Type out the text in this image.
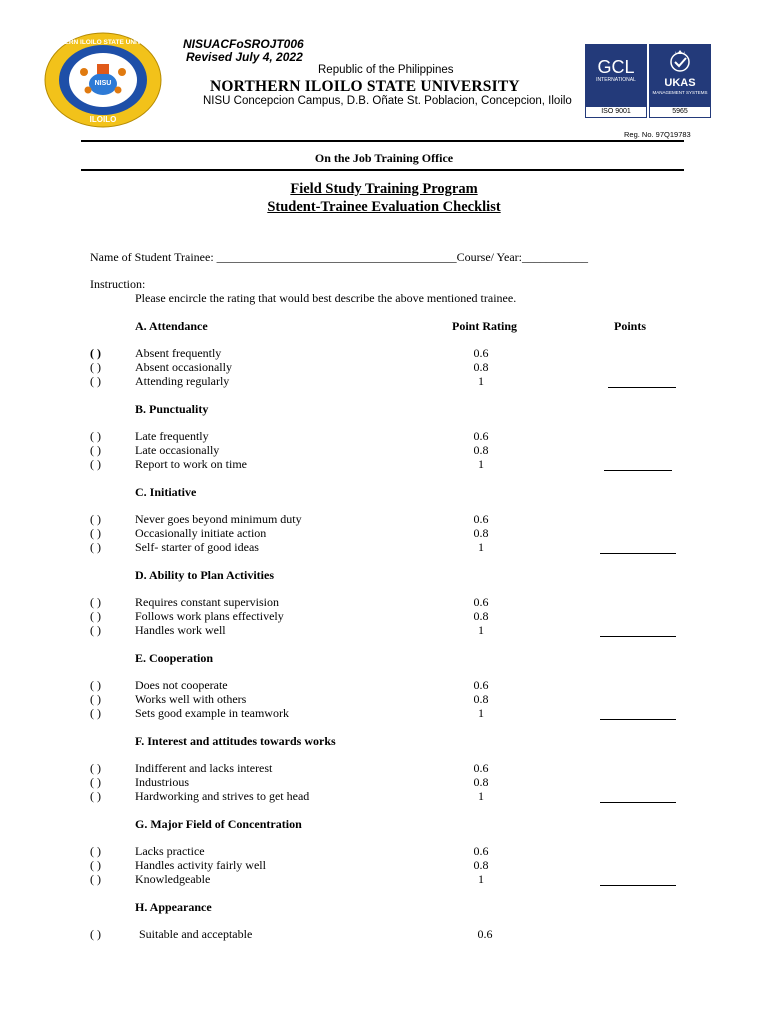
NISU
NORTHERN ILOILO STATE UNIVERSITY
ILOILO
NISUACFoSROJT006
Revised July 4, 2022
Republic of the Philippines
NORTHERN ILOILO STATE UNIVERSITY
NISU Concepcion Campus, D.B. Oñate St. Poblacion, Concepcion, Iloilo
GCL
INTERNATIONAL	UKAS
MANAGEMENT SYSTEMS
ISO 9001	5965
Reg. No. 97Q19783
On the Job Training Office
Field Study Training Program
Student-Trainee Evaluation Checklist
Name of Student Trainee: ________________________________________Course/ Year:___________
Instruction:
Please encircle the rating that would best describe the above mentioned trainee.
Point Rating	Points
A. Attendance
( )	Absent frequently	0.6
( )	Absent occasionally	0.8
( )	Attending regularly	1
B. Punctuality
( )	Late frequently	0.6
( )	Late occasionally	0.8
( )	Report to work on time	1
C. Initiative
( )	Never goes beyond minimum duty	0.6
( )	Occasionally initiate action	0.8
( )	Self- starter of good ideas	1
D. Ability to Plan Activities
( )	Requires constant supervision	0.6
( )	Follows work plans effectively	0.8
( )	Handles work well	1
E. Cooperation
( )	Does not cooperate	0.6
( )	Works well with others	0.8
( )	Sets good example in teamwork	1
F. Interest and attitudes towards works
( )	Indifferent and lacks interest	0.6
( )	Industrious	0.8
( )	Hardworking and strives to get head	1
G. Major Field of Concentration
( )	Lacks practice	0.6
( )	Handles activity fairly well	0.8
( )	Knowledgeable	1
H. Appearance
( )	Suitable and acceptable	0.6
